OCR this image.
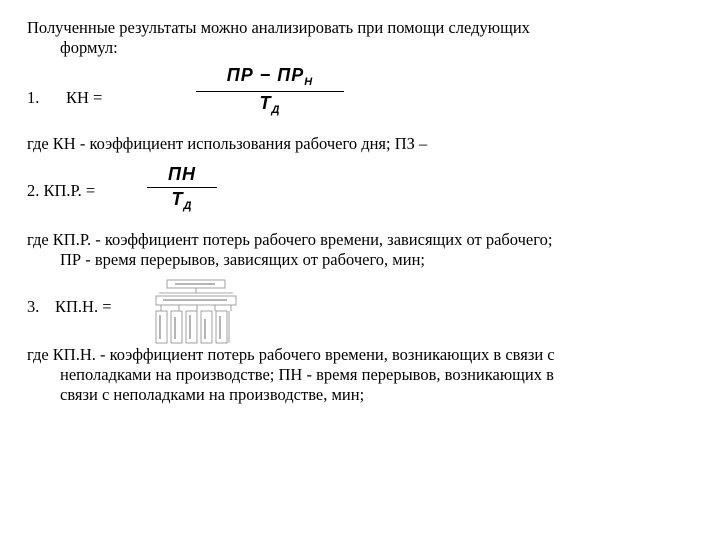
Полученные результаты можно анализировать при помощи следующих
формул:
1. КН =
ПР − $ПР_Н$
$Т_Д$
где КН - коэффициент использования рабочего дня; ПЗ –
2. КП.Р. =
ПН
$Т_Д$
где КП.Р. - коэффициент потерь рабочего времени, зависящих от рабочего;
ПР - время перерывов, зависящих от рабочего, мин;
3. КП.Н. =
где КП.Н. - коэффициент потерь рабочего времени, возникающих в связи с
неполадками на производстве; ПН - время перерывов, возникающих в
связи с неполадками на производстве, мин;
